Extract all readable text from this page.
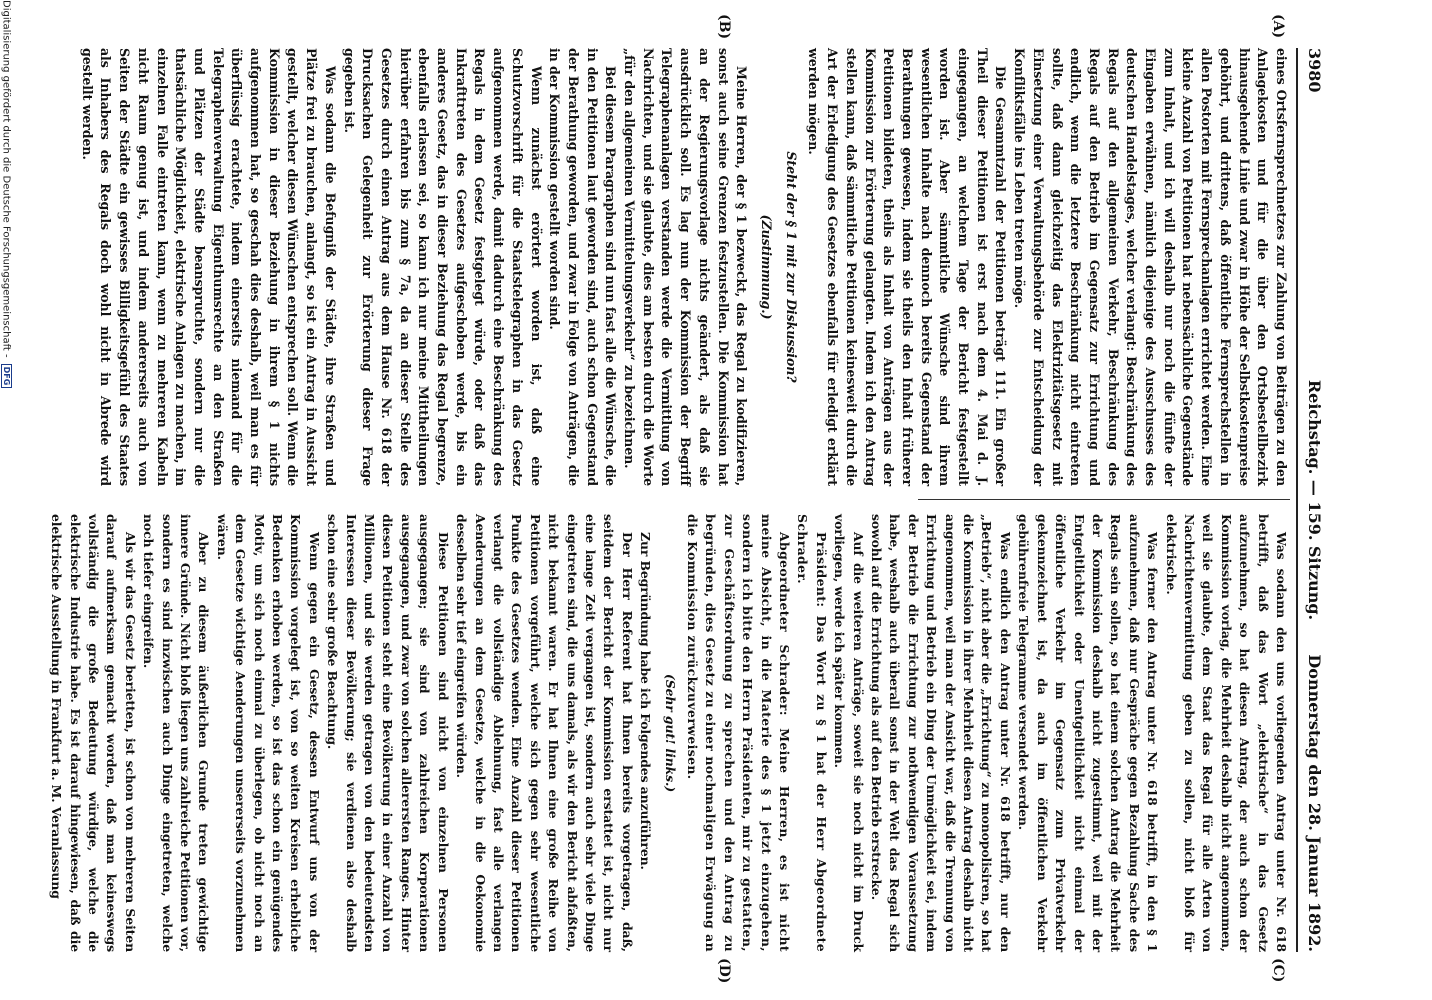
3980
Reichstag. — 159. Sitzung.
Donnerstag den 28. Januar 1892.
(A)
(B)
(C)
(D)

eines Ortsfernsprechnetzes zur Zahlung von Beiträgen zu den Anlagekosten und für die über den Ortsbestellbezirk hinausgehende Linie und zwar in Höhe der Selbstkostenpreise gehöhrt, und drittens, daß öffentliche Fernsprechstellen in allen Postorten mit Fernsprechanlagen errichtet werden. Eine kleine Anzahl von Petitionen hat nebensächliche Gegenstände zum Inhalt, und ich will deshalb nur noch die fünfte der Eingaben erwähnen, nämlich diejenige des Ausschusses des deutschen Handelstages, welcher verlangt: Beschränkung des Regals auf den allgemeinen Verkehr, Beschränkung des Regals auf den Betrieb im Gegensatz zur Errichtung und endlich, wenn die letztere Beschränkung nicht eintreten sollte, daß dann gleichzeitig das Elektrizitätsgesetz mit Einsetzung einer Verwaltungsbehörde zur Entscheidung der Konfliktsfälle ins Leben treten möge.

Die Gesammtzahl der Petitionen beträgt 111. Ein großer Theil dieser Petitionen ist erst nach dem 4. Mai d. J. eingegangen, an welchem Tage der Bericht festgestellt worden ist. Aber sämmtliche Wünsche sind ihrem wesentlichen Inhalte nach dennoch bereits Gegenstand der Berathungen gewesen, indem sie theils den Inhalt früherer Petitionen bildeten, theils als Inhalt von Anträgen aus der Kommission zur Erörterung gelangten. Indem ich den Antrag stellen kann, daß sämmtliche Petitionen keinesweit durch die Art der Erledigung des Gesetzes ebenfalls für erledigt erklärt werden mögen.

Steht der § 1 mit zur Diskussion?

(Zustimmung.)

Meine Herren, der § 1 bezweckt, das Regal zu kodifizieren, sonst auch seine Grenzen festzustellen. Die Kommission hat an der Regierungsvorlage nichts geändert, als daß sie ausdrücklich soll. Es lag nun der Kommission der Begriff Telegraphenanlagen verstanden werde die Vermittlung von Nachrichten, und sie glaubte, dies am besten durch die Worte „für den allgemeinen Vermittelungsverkehr“ zu bezeichnen.

Bei diesem Paragraphen sind nun fast alle die Wünsche, die in den Petitionen laut geworden sind, auch schon Gegenstand der Berathung geworden, und zwar in Folge von Anträgen, die in der Kommission gestellt worden sind.

Wenn zunächst erörtert worden ist, daß eine Schutzvorschrift für die Staatstelegraphen in das Gesetz aufgenommen werde, damit dadurch eine Beschränkung des Regals in dem Gesetz festgelegt würde, oder daß das Inkrafttreten des Gesetzes aufgeschoben werde, bis ein anderes Gesetz, das in dieser Beziehung das Regal begrenze, ebenfalls erlassen sei, so kann ich nur meine Mittheilungen hierüber erfahren bis zum § 7a, da an dieser Stelle des Gesetzes durch einen Antrag aus dem Hause Nr. 618 der Drucksachen Gelegenheit zur Erörterung dieser Frage gegeben ist.

Was sodann die Befugniß der Städte, ihre Straßen und Plätze frei zu brauchen, anlangt, so ist ein Antrag in Aussicht gestellt, welcher diesen Wünschen entsprechen soll. Wenn die Kommission in dieser Beziehung in ihrem § 1 nichts aufgenommen hat, so geschah dies deshalb, weil man es für überflüssig erachtete, indem einerseits niemand für die Telegraphenverwaltung Eigenthumsrechte an den Straßen und Plätzen der Städte beanspruchte, sondern nur die thatsächliche Möglichkeit, elektrische Anlagen zu machen, im einzelnen Falle eintreten kann, wenn zu mehreren Kabeln nicht Raum genug ist, und indem andererseits auch von Seiten der Städte ein gewisses Billigkeitsgefühl des Staates als Inhabers des Regals doch wohl nicht in Abrede wird gestellt werden.

Was sodann den uns vorliegenden Antrag unter Nr. 618 betrifft, daß das Wort „elektrische“ in das Gesetz aufzunehmen, so hat diesen Antrag, der auch schon der Kommission vorlag, die Mehrheit deshalb nicht angenommen, weil sie glaubte, dem Staat das Regal für alle Arten von Nachrichtenvermittlung geben zu sollen, nicht bloß für elektrische.

Was ferner den Antrag unter Nr. 618 betrifft, in den § 1 aufzunehmen, daß nur Gespräche gegen Bezahlung Sache des Regals sein sollen, so hat einem solchen Antrag die Mehrheit der Kommission deshalb nicht zugestimmt, weil mit der Entgeltlichkeit oder Unentgeltlichkeit nicht einmal der öffentliche Verkehr im Gegensatz zum Privatverkehr gekennzeichnet ist, da auch im öffentlichen Verkehr gebührenfreie Telegramme versendet werden.

Was endlich den Antrag unter Nr. 618 betrifft, nur den „Betrieb“, nicht aber die „Errichtung“ zu monopolisiren, so hat die Kommission in ihrer Mehrheit diesen Antrag deshalb nicht angenommen, weil man der Ansicht war, daß die Trennung von Errichtung und Betrieb ein Ding der Unmöglichkeit sei, indem der Betrieb die Errichtung zur nothwendigen Voraussetzung habe, weshalb auch überall sonst in der Welt das Regal sich sowohl auf die Errichtung als auf den Betrieb erstrecke.

Auf die weiteren Anträge, soweit sie noch nicht im Druck vorliegen, werde ich später kommen.

Präsident: Das Wort zu § 1 hat der Herr Abgeordnete Schrader.

Abgeordneter Schrader: Meine Herren, es ist nicht meine Absicht, in die Materie des § 1 jetzt einzugehen, sondern ich bitte den Herrn Präsidenten, mir zu gestatten, zur Geschäftsordnung zu sprechen und den Antrag zu begründen, dies Gesetz zu einer nochmaligen Erwägung an die Kommission zurückzuverweisen.

(Sehr gut! links.)

Zur Begründung habe ich Folgendes anzuführen.

Der Herr Referent hat Ihnen bereits vorgetragen, daß, seitdem der Bericht der Kommission erstattet ist, nicht nur eine lange Zeit vergangen ist, sondern auch sehr viele Dinge eingetreten sind, die uns damals, als wir den Bericht abfaßten, nicht bekannt waren. Er hat Ihnen eine große Reihe von Petitionen vorgeführt, welche sich gegen sehr wesentliche Punkte des Gesetzes wenden. Eine Anzahl dieser Petitionen verlangt die vollständige Ablehnung, fast alle verlangen Aenderungen an dem Gesetze, welche in die Oekonomie desselben sehr tief eingreifen würden.

Diese Petitionen sind nicht von einzelnen Personen ausgegangen; sie sind von zahlreichen Korporationen ausgegangen, und zwar von solchen allerersten Ranges. Hinter diesen Petitionen steht eine Bevölkerung in einer Anzahl von Millionen, und sie werden getragen von den bedeutendsten Interessen dieser Bevölkerung; sie verdienen also deshalb schon eine sehr große Beachtung.

Wenn gegen ein Gesetz, dessen Entwurf uns von der Kommission vorgelegt ist, von so weiten Kreisen erhebliche Bedenken erhoben werden, so ist das schon ein genügendes Motiv, um sich noch einmal zu überlegen, ob nicht noch an dem Gesetze wichtige Aenderungen unsererseits vorzunehmen wären.

Aber zu diesem äußerlichen Grunde treten gewichtige innere Gründe. Nicht bloß liegen uns zahlreiche Petitionen vor, sondern es sind inzwischen auch Dinge eingetreten, welche noch tiefer eingreifen.

Als wir das Gesetz berietten, ist schon von mehreren Seiten darauf aufmerksam gemacht worden, daß man keineswegs vollständig die große Bedeutung würdige, welche die elektrische Industrie habe. Es ist darauf hingewiesen, daß die elektrische Ausstellung in Frankfurt a. M. Veranlassung

Digitalisierung gefördert durch die Deutsche Forschungsgemeinschaft -DFG
